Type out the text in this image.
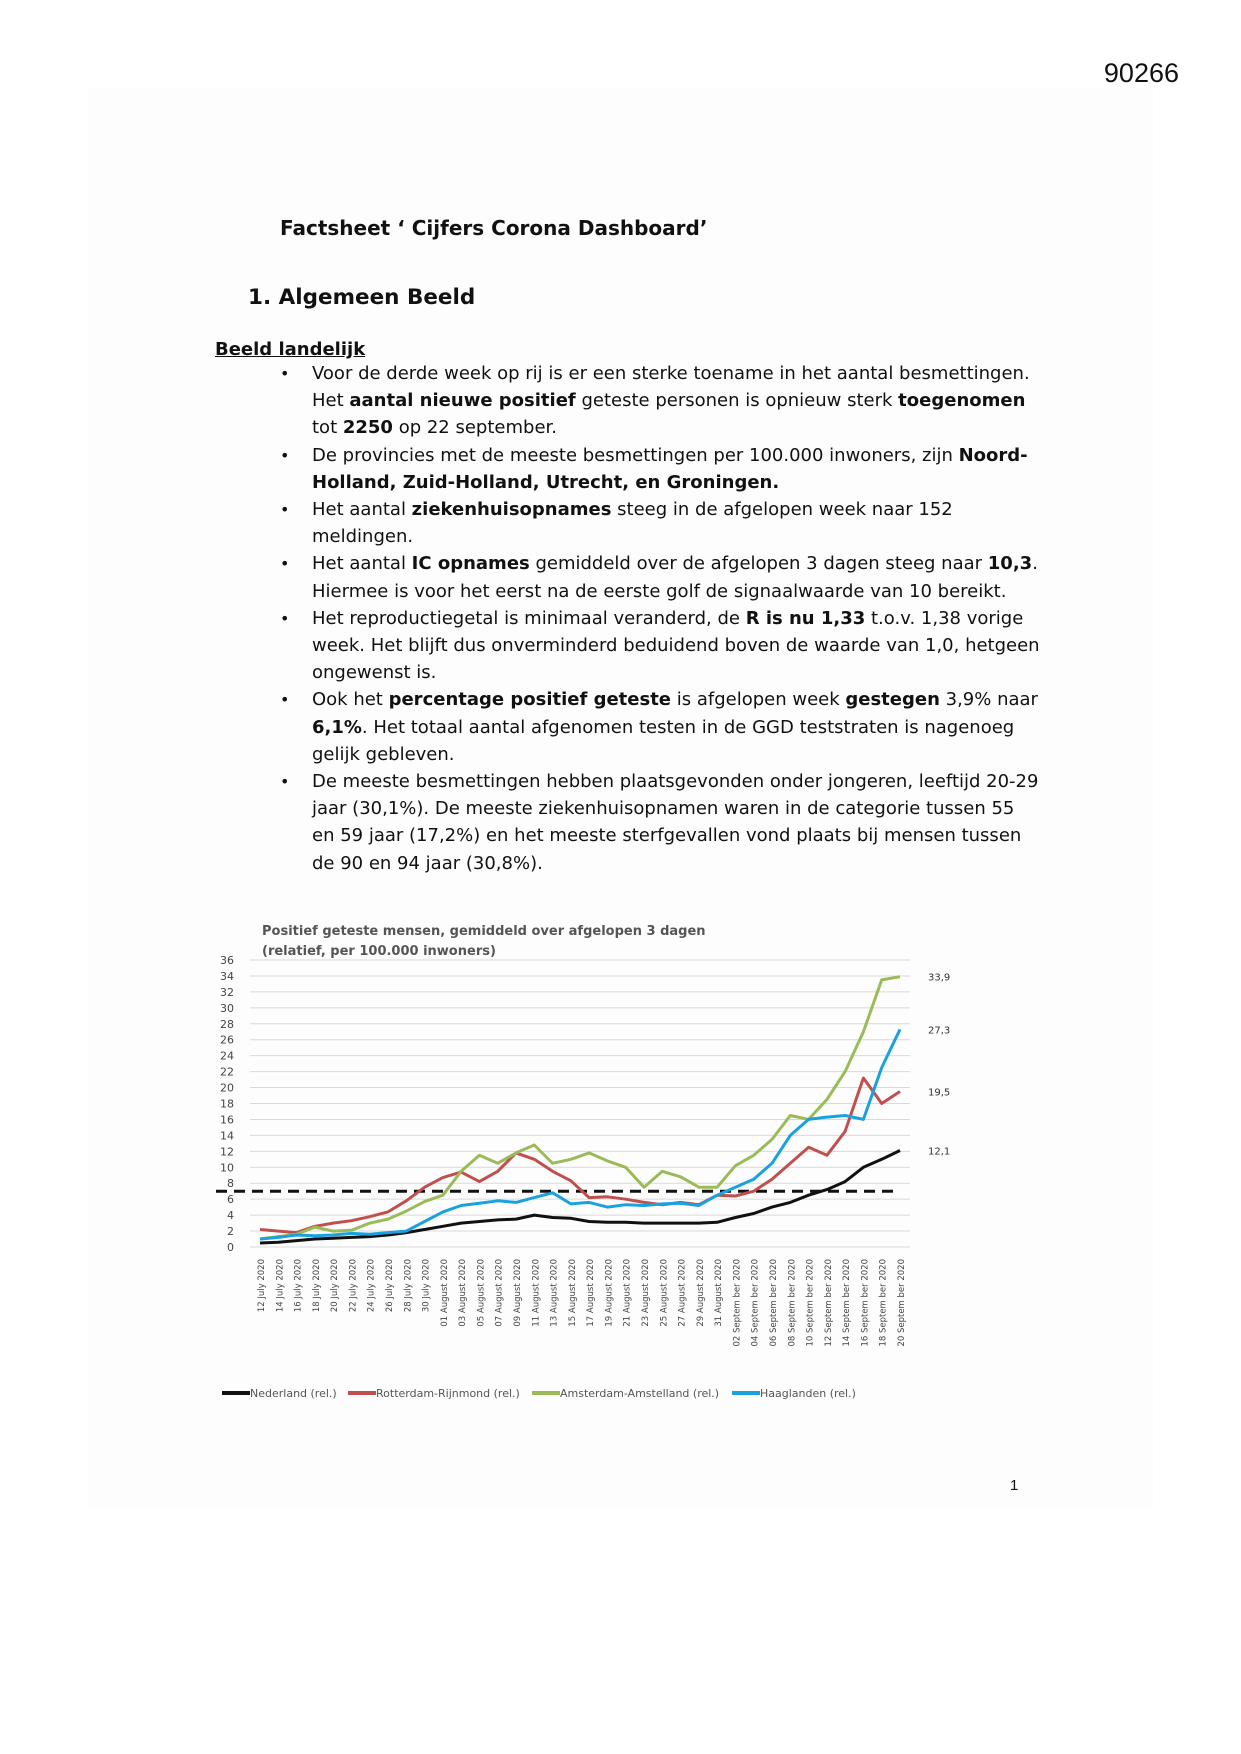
90266
Factsheet ‘ Cijfers Corona Dashboard’
1. Algemeen Beeld
Beeld landelijk
• Voor de derde week op rij is er een sterke toename in het aantal besmettingen. Het aantal nieuwe positief geteste personen is opnieuw sterk toegenomen tot 2250 op 22 september.
• De provincies met de meeste besmettingen per 100.000 inwoners, zijn Noord-Holland, Zuid-Holland, Utrecht, en Groningen.
• Het aantal ziekenhuisopnames steeg in de afgelopen week naar 152 meldingen.
• Het aantal IC opnames gemiddeld over de afgelopen 3 dagen steeg naar 10,3. Hiermee is voor het eerst na de eerste golf de signaalwaarde van 10 bereikt.
• Het reproductiegetal is minimaal veranderd, de R is nu 1,33 t.o.v. 1,38 vorige week. Het blijft dus onverminderd beduidend boven de waarde van 1,0, hetgeen ongewenst is.
• Ook het percentage positief geteste is afgelopen week gestegen 3,9% naar 6,1%. Het totaal aantal afgenomen testen in de GGD teststraten is nagenoeg gelijk gebleven.
• De meeste besmettingen hebben plaatsgevonden onder jongeren, leeftijd 20-29 jaar (30,1%). De meeste ziekenhuisopnamen waren in de categorie tussen 55 en 59 jaar (17,2%) en het meeste sterfgevallen vond plaats bij mensen tussen de 90 en 94 jaar (30,8%).
Positief geteste mensen, gemiddeld over afgelopen 3 dagen
(relatief, per 100.000 inwoners)
0
2
4
6
8
10
12
14
16
18
20
22
24
26
28
30
32
34
36
12,1
19,5
33,9
27,3
12 July 2020 14 July 2020 16 July 2020 18 July 2020 20 July 2020 22 July 2020 24 July 2020 26 July 2020 28 July 2020 30 July 2020 01 August 2020 03 August 2020 05 August 2020 07 August 2020 09 August 2020 11 August 2020 13 August 2020 15 August 2020 17 August 2020 19 August 2020 21 August 2020 23 August 2020 25 August 2020 27 August 2020 29 August 2020 31 August 2020 02 Septem ber 2020 04 Septem ber 2020 06 Septem ber 2020 08 Septem ber 2020 10 Septem ber 2020 12 Septem ber 2020 14 Septem ber 2020 16 Septem ber 2020 18 Septem ber 2020 20 Septem ber 2020
Nederland (rel.)	Rotterdam-Rijnmond (rel.)	Amsterdam-Amstelland (rel.)	Haaglanden (rel.)
1
